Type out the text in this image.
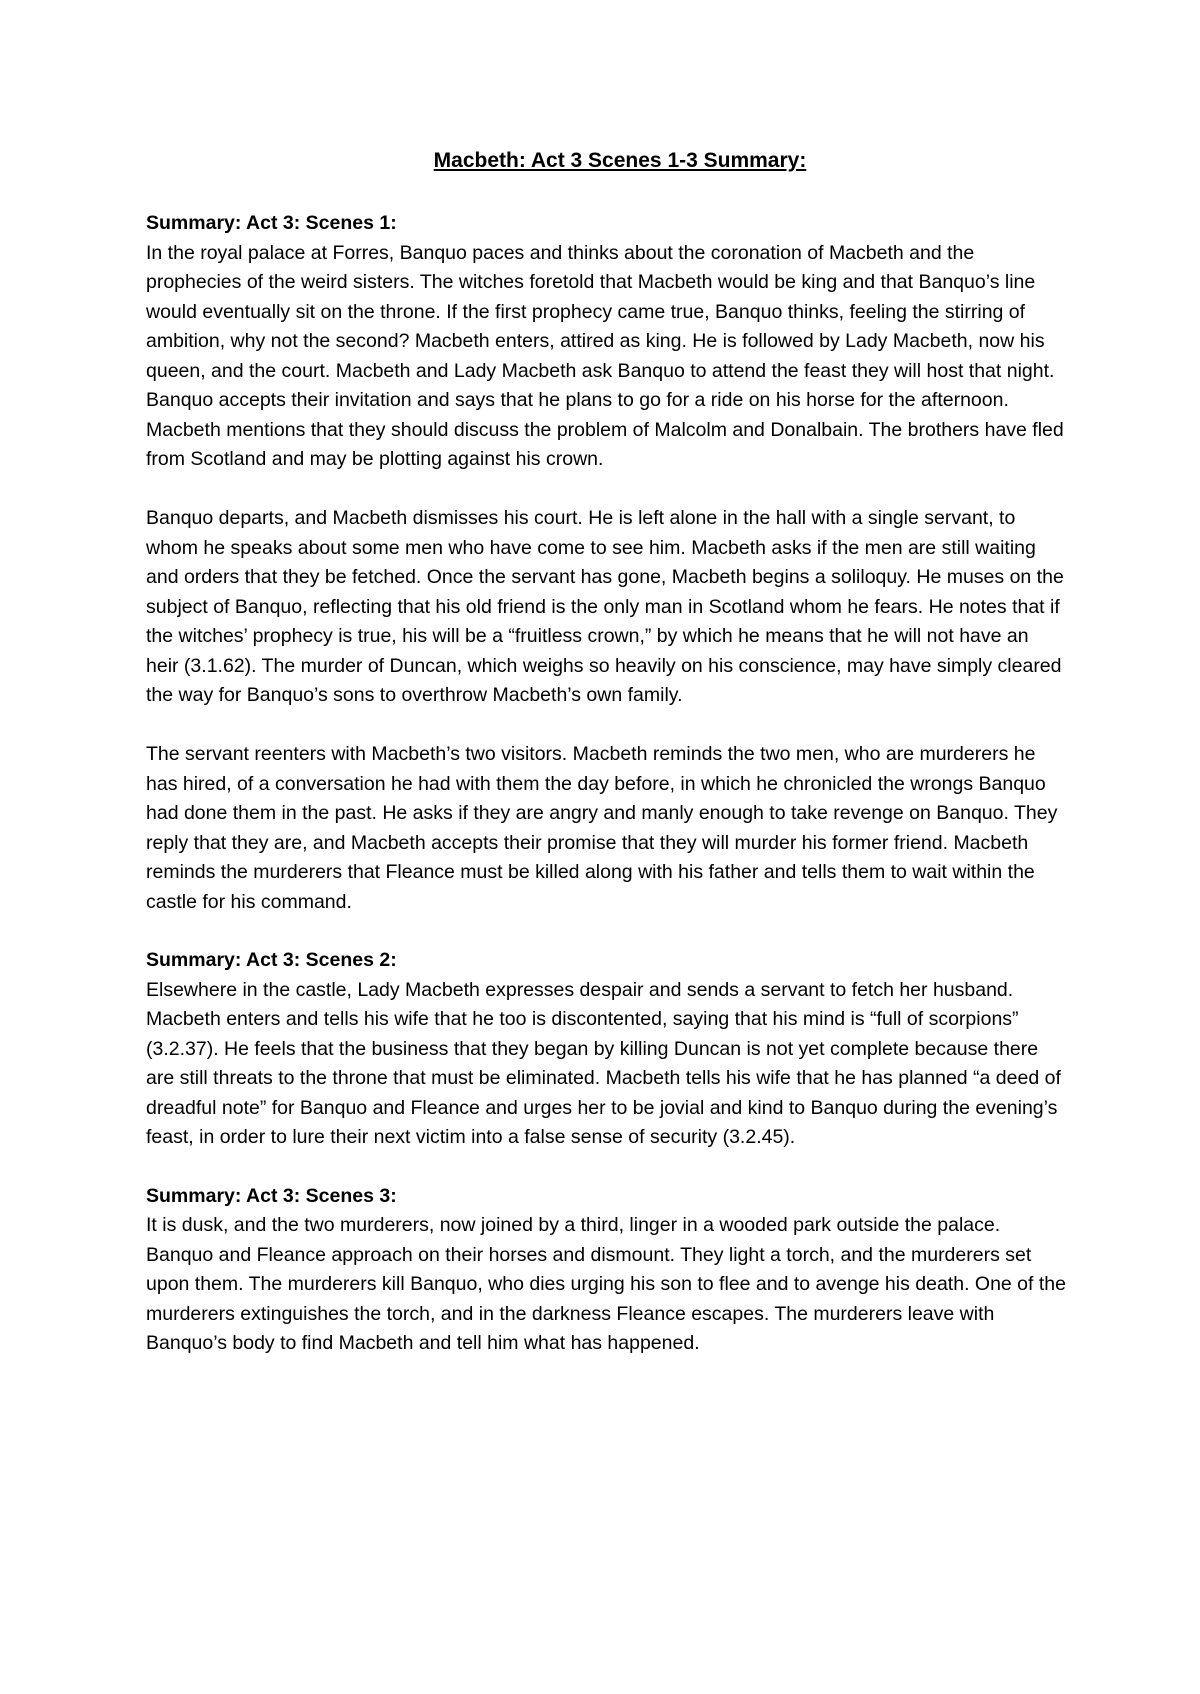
Macbeth: Act 3 Scenes 1-3 Summary:

Summary: Act 3: Scenes 1:

In the royal palace at Forres, Banquo paces and thinks about the coronation of Macbeth and the prophecies of the weird sisters. The witches foretold that Macbeth would be king and that Banquo’s line would eventually sit on the throne. If the first prophecy came true, Banquo thinks, feeling the stirring of ambition, why not the second? Macbeth enters, attired as king. He is followed by Lady Macbeth, now his queen, and the court. Macbeth and Lady Macbeth ask Banquo to attend the feast they will host that night. Banquo accepts their invitation and says that he plans to go for a ride on his horse for the afternoon. Macbeth mentions that they should discuss the problem of Malcolm and Donalbain. The brothers have fled from Scotland and may be plotting against his crown.

Banquo departs, and Macbeth dismisses his court. He is left alone in the hall with a single servant, to whom he speaks about some men who have come to see him. Macbeth asks if the men are still waiting and orders that they be fetched. Once the servant has gone, Macbeth begins a soliloquy. He muses on the subject of Banquo, reflecting that his old friend is the only man in Scotland whom he fears. He notes that if the witches’ prophecy is true, his will be a “fruitless crown,” by which he means that he will not have an heir (3.1.62). The murder of Duncan, which weighs so heavily on his conscience, may have simply cleared the way for Banquo’s sons to overthrow Macbeth’s own family.

The servant reenters with Macbeth’s two visitors. Macbeth reminds the two men, who are murderers he has hired, of a conversation he had with them the day before, in which he chronicled the wrongs Banquo had done them in the past. He asks if they are angry and manly enough to take revenge on Banquo. They reply that they are, and Macbeth accepts their promise that they will murder his former friend. Macbeth reminds the murderers that Fleance must be killed along with his father and tells them to wait within the castle for his command.

Summary: Act 3: Scenes 2:

Elsewhere in the castle, Lady Macbeth expresses despair and sends a servant to fetch her husband. Macbeth enters and tells his wife that he too is discontented, saying that his mind is “full of scorpions” (3.2.37). He feels that the business that they began by killing Duncan is not yet complete because there are still threats to the throne that must be eliminated. Macbeth tells his wife that he has planned “a deed of dreadful note” for Banquo and Fleance and urges her to be jovial and kind to Banquo during the evening’s feast, in order to lure their next victim into a false sense of security (3.2.45).

Summary: Act 3: Scenes 3:

It is dusk, and the two murderers, now joined by a third, linger in a wooded park outside the palace. Banquo and Fleance approach on their horses and dismount. They light a torch, and the murderers set upon them. The murderers kill Banquo, who dies urging his son to flee and to avenge his death. One of the murderers extinguishes the torch, and in the darkness Fleance escapes. The murderers leave with Banquo’s body to find Macbeth and tell him what has happened.
